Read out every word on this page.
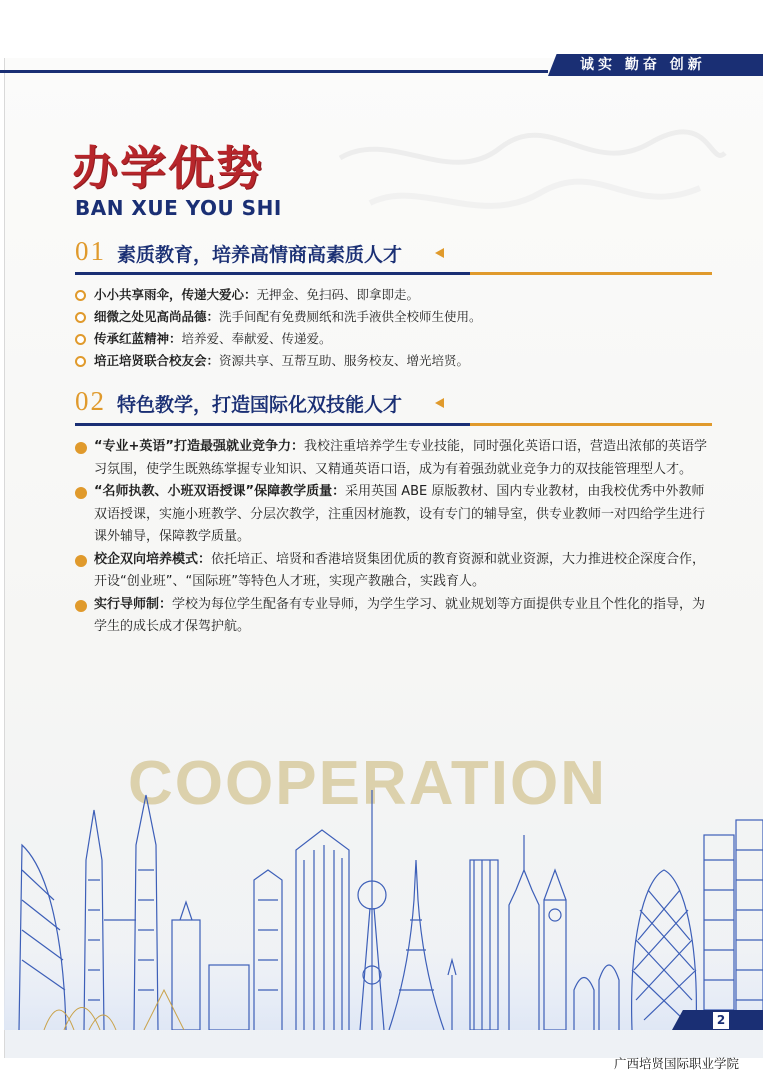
诚实 勤奋 创新
办学优势
BAN XUE YOU SHI
01 素质教育，培养高情商高素质人才
小小共享雨伞，传递大爱心：无押金、免扫码、即拿即走。
细微之处见高尚品德：洗手间配有免费厕纸和洗手液供全校师生使用。
传承红蓝精神：培养爱、奉献爱、传递爱。
培正培贤联合校友会：资源共享、互帮互助、服务校友、增光培贤。
02 特色教学，打造国际化双技能人才
“专业+英语”打造最强就业竞争力：我校注重培养学生专业技能，同时强化英语口语，营造出浓郁的英语学习氛围，使学生既熟练掌握专业知识、又精通英语口语，成为有着强劲就业竞争力的双技能管理型人才。
“名师执教、小班双语授课”保障教学质量：采用英国 ABE 原版教材、国内专业教材，由我校优秀中外教师双语授课，实施小班教学、分层次教学，注重因材施教，设有专门的辅导室，供专业教师一对四给学生进行课外辅导，保障教学质量。
校企双向培养模式：依托培正、培贤和香港培贤集团优质的教育资源和就业资源，大力推进校企深度合作，开设“创业班”、“国际班”等特色人才班，实现产教融合，实践育人。
实行导师制：学校为每位学生配备有专业导师，为学生学习、就业规划等方面提供专业且个性化的指导，为学生的成长成才保驾护航。
COOPERATION
2
广西培贤国际职业学院
